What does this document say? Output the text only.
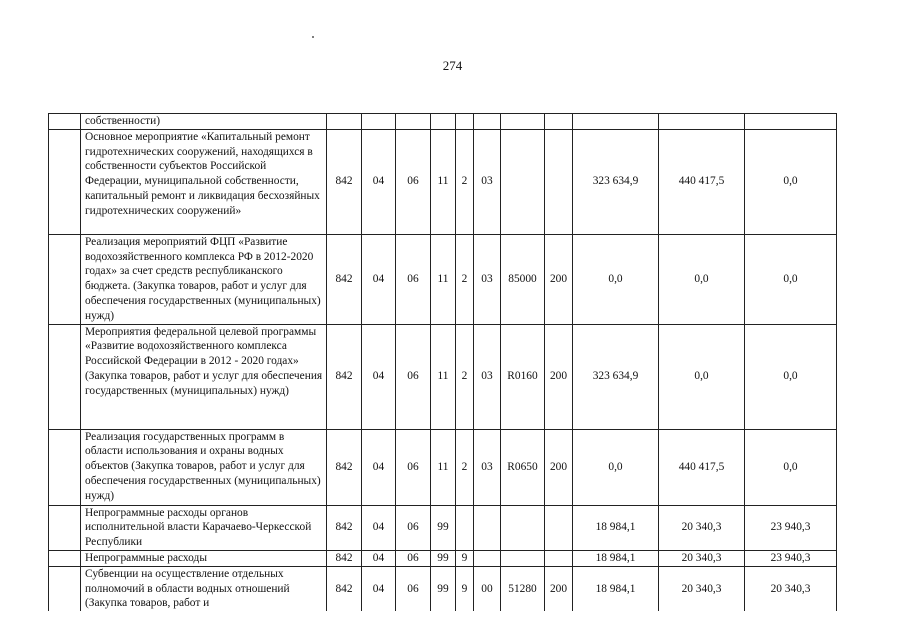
274
	собственности)											
	Основное мероприятие «Капитальный ремонт гидротехнических сооружений, находящихся в собственности субъектов Российской Федерации, муниципальной собственности, капитальный ремонт и ликвидация бесхозяйных гидротехнических сооружений»	842	04	06	11	2	03			323 634,9	440 417,5	0,0
	Реализация мероприятий ФЦП «Развитие водохозяйственного комплекса РФ в 2012-2020 годах» за счет средств республиканского бюджета. (Закупка товаров, работ и услуг для обеспечения государственных (муниципальных) нужд)	842	04	06	11	2	03	85000	200	0,0	0,0	0,0
	Мероприятия федеральной целевой программы «Развитие водохозяйственного комплекса Российской Федерации в 2012 - 2020 годах» (Закупка товаров, работ и услуг для обеспечения государственных (муниципальных) нужд)	842	04	06	11	2	03	R0160	200	323 634,9	0,0	0,0
	Реализация государственных программ в области использования и охраны водных объектов (Закупка товаров, работ и услуг для обеспечения государственных (муниципальных) нужд)	842	04	06	11	2	03	R0650	200	0,0	440 417,5	0,0
	Непрограммные расходы органов исполнительной власти Карачаево-Черкесской Республики	842	04	06	99					18 984,1	20 340,3	23 940,3
	Непрограммные расходы	842	04	06	99	9				18 984,1	20 340,3	23 940,3
	Субвенции на осуществление отдельных полномочий в области водных отношений (Закупка товаров, работ и	842	04	06	99	9	00	51280	200	18 984,1	20 340,3	20 340,3
